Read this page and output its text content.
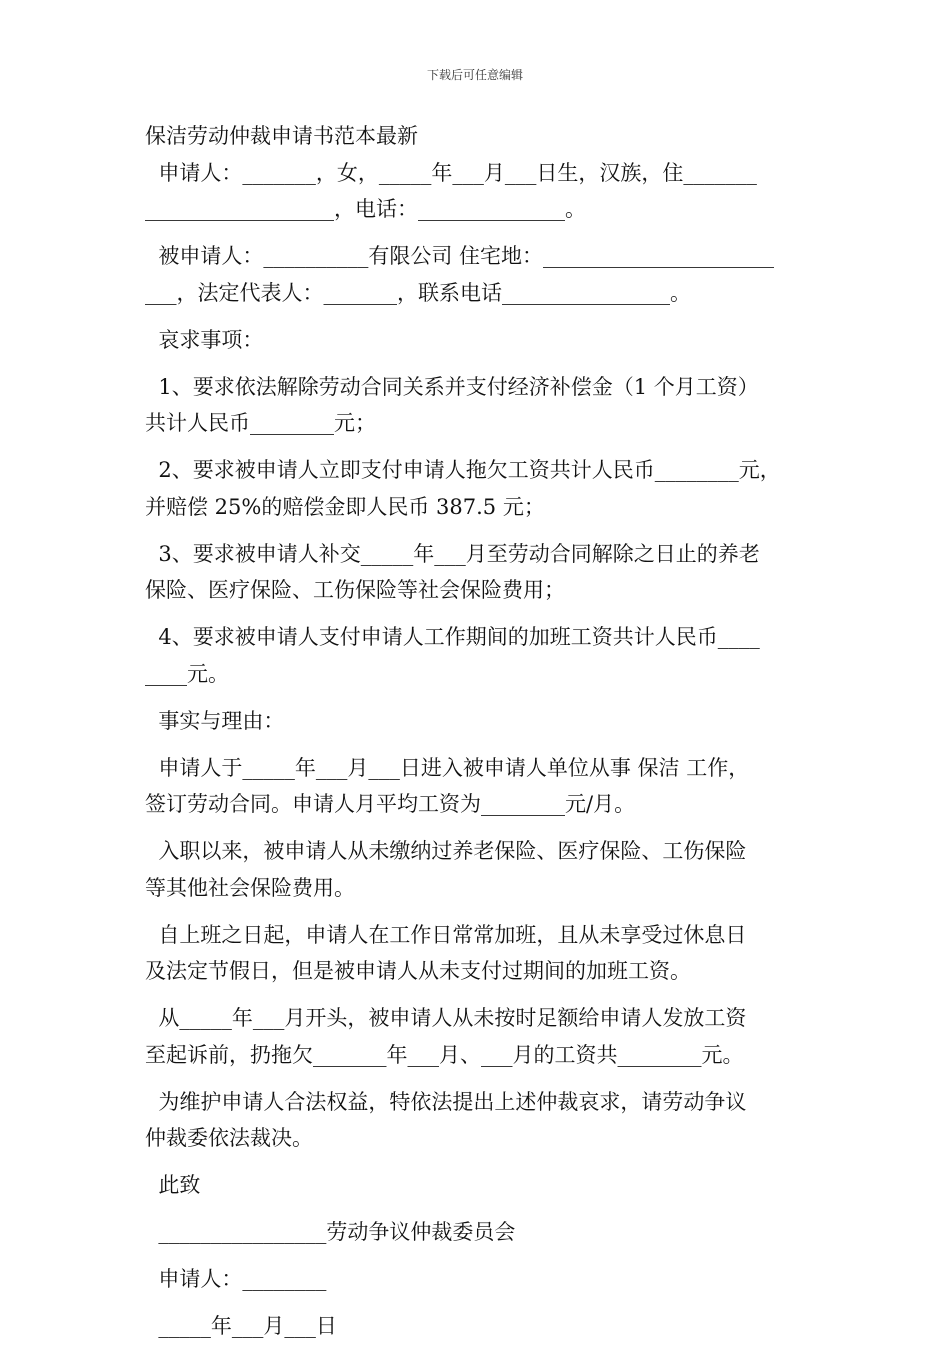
下载后可任意编辑
保洁劳动仲裁申请书范本最新
申请人：_______，女，_____年___月___日生，汉族，住_______
__________________，电话：______________。
被申请人：__________有限公司 住宅地：______________________
___，法定代表人：_______，联系电话________________。
哀求事项：
1、要求依法解除劳动合同关系并支付经济补偿金（1 个月工资）
共计人民币________元；
2、要求被申请人立即支付申请人拖欠工资共计人民币________元，
并赔偿 25%的赔偿金即人民币 387.5 元；
3、要求被申请人补交_____年___月至劳动合同解除之日止的养老
保险、医疗保险、工伤保险等社会保险费用；
4、要求被申请人支付申请人工作期间的加班工资共计人民币____
____元。
事实与理由：
申请人于_____年___月___日进入被申请人单位从事 保洁 工作，
签订劳动合同。申请人月平均工资为________元/月。
入职以来，被申请人从未缴纳过养老保险、医疗保险、工伤保险
等其他社会保险费用。
自上班之日起，申请人在工作日常常加班，且从未享受过休息日
及法定节假日，但是被申请人从未支付过期间的加班工资。
从_____年___月开头，被申请人从未按时足额给申请人发放工资
至起诉前，扔拖欠_______年___月、___月的工资共________元。
为维护申请人合法权益，特依法提出上述仲裁哀求，请劳动争议
仲裁委依法裁决。
此致
________________劳动争议仲裁委员会
申请人：________
_____年___月___日
